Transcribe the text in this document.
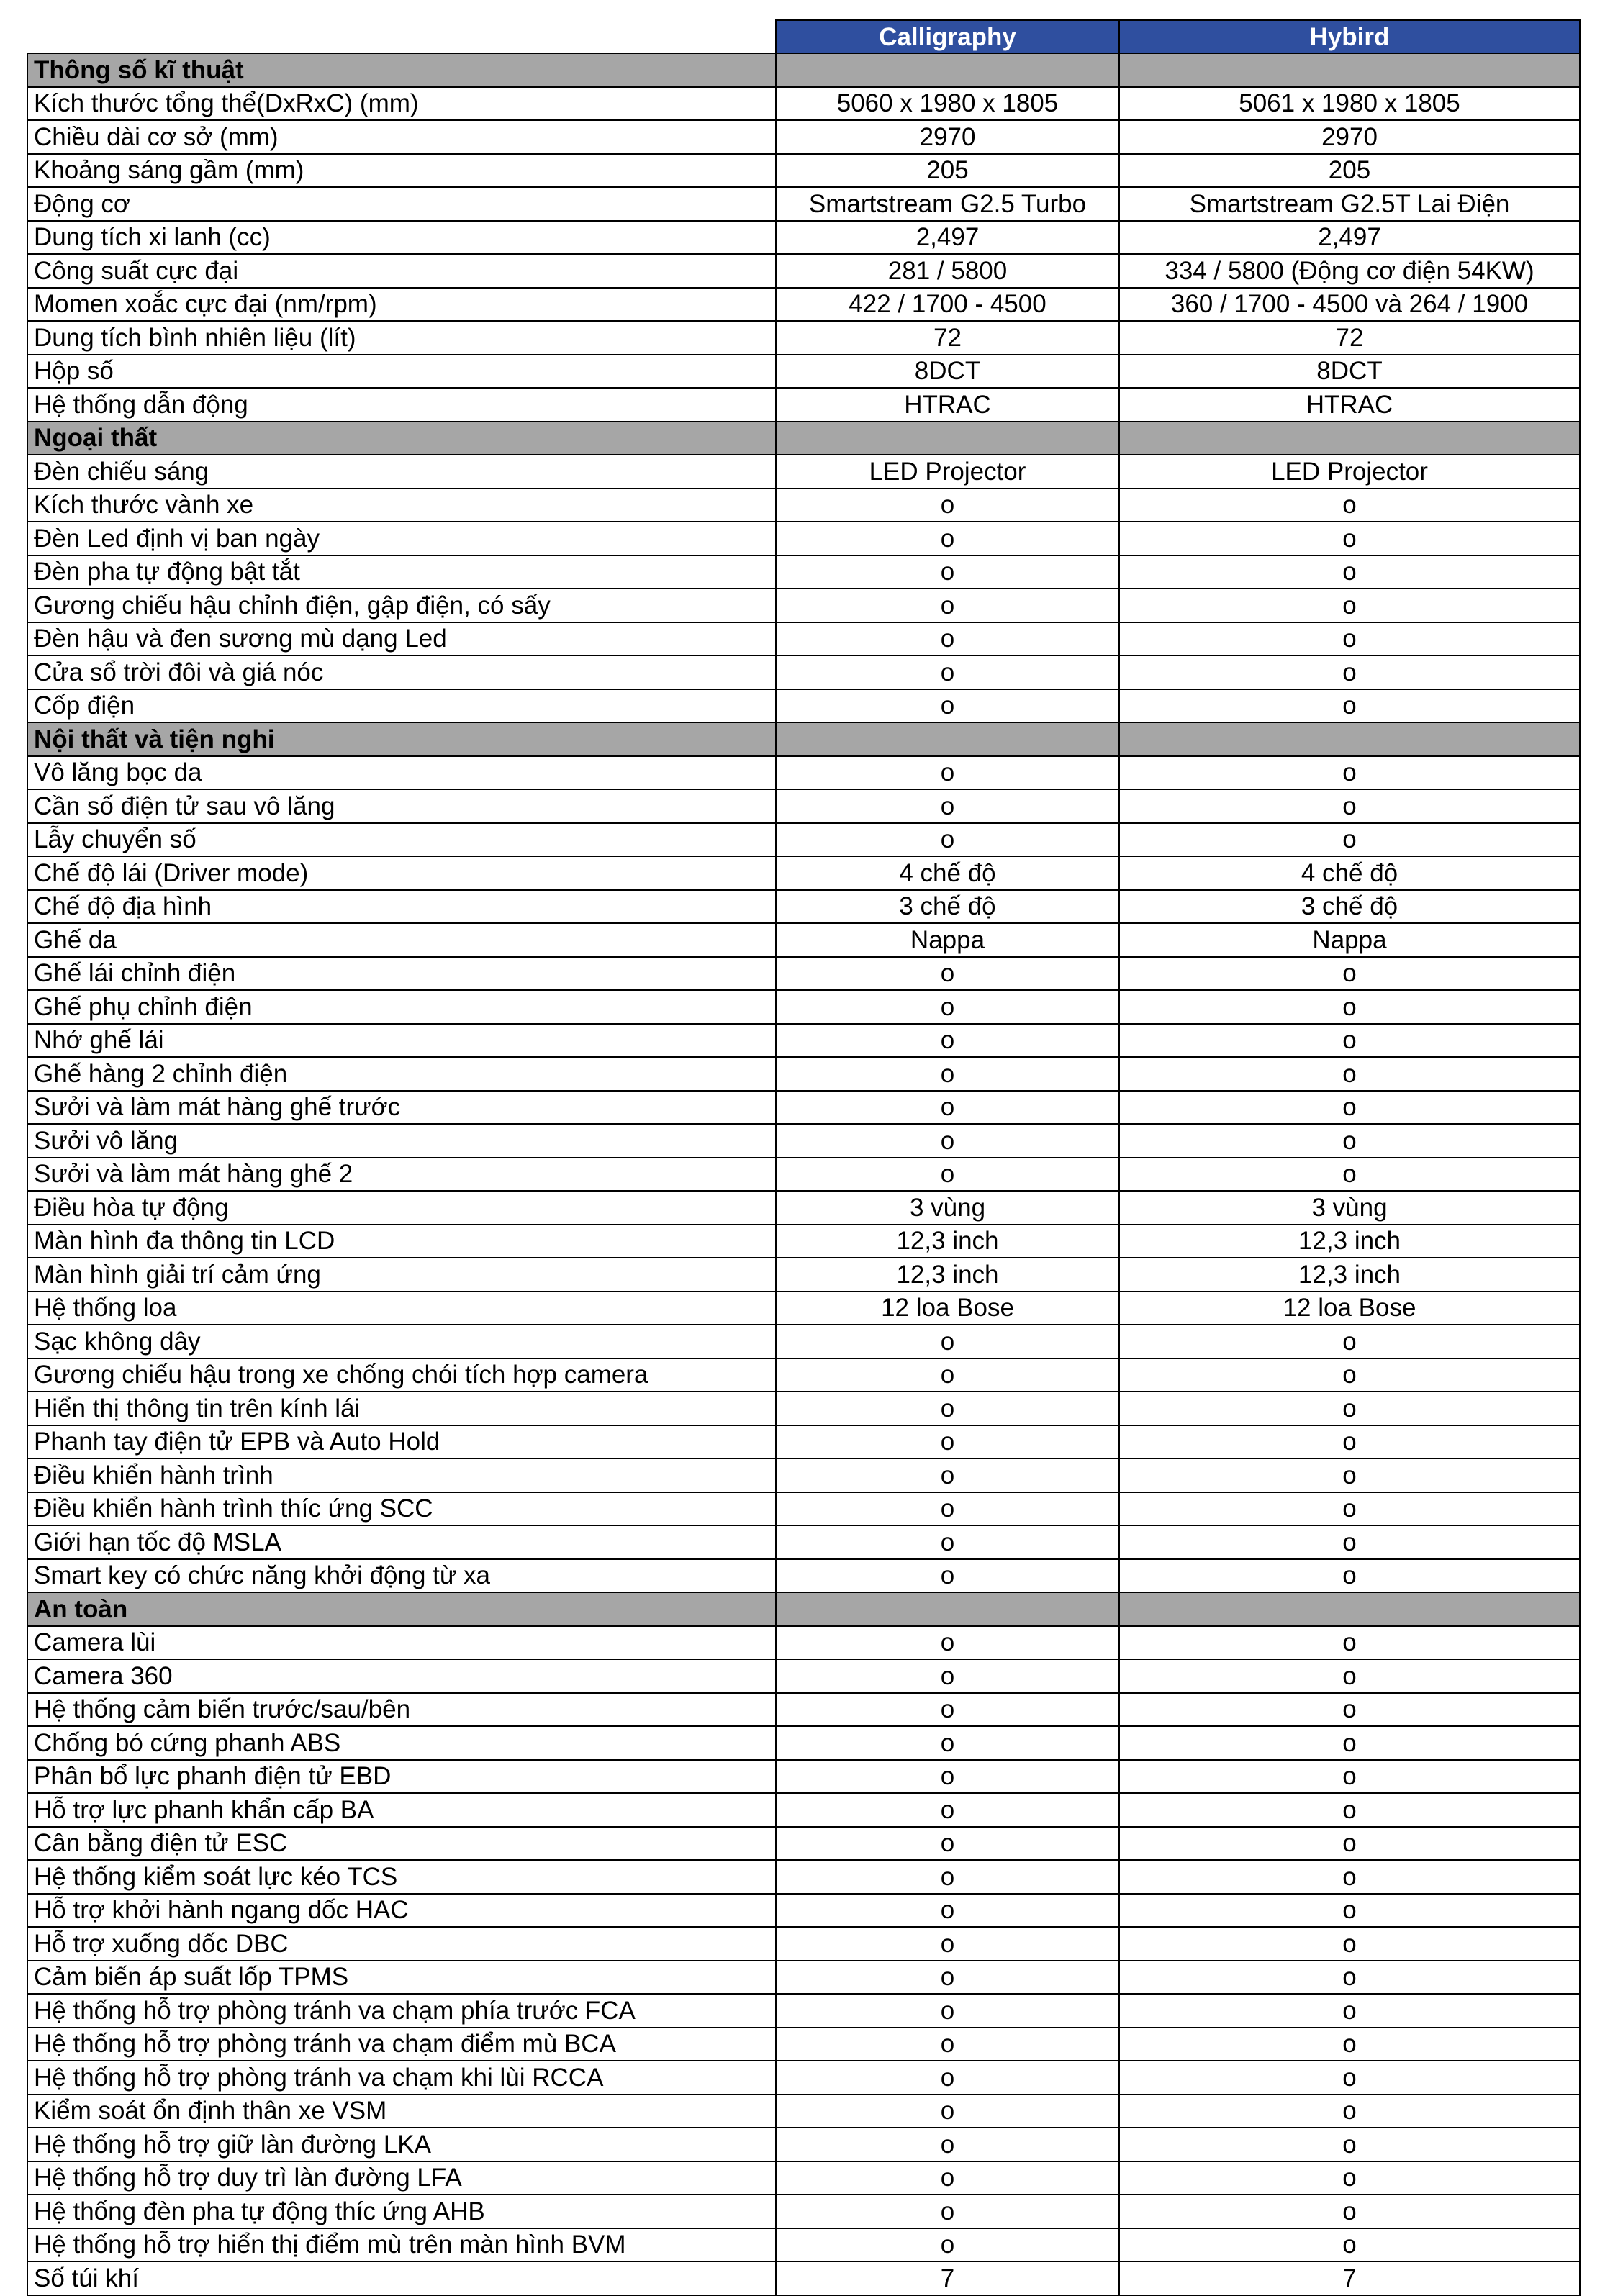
	Calligraphy	Hybird
Thông số kĩ thuật		
Kích thước tổng thể(DxRxC) (mm)	5060 x 1980 x 1805	5061 x 1980 x 1805
Chiều dài cơ sở (mm)	2970	2970
Khoảng sáng gầm (mm)	205	205
Động cơ	Smartstream G2.5 Turbo	Smartstream G2.5T Lai Điện
Dung tích xi lanh (cc)	2,497	2,497
Công suất cực đại	281 / 5800	334 / 5800 (Động cơ điện 54KW)
Momen xoắc cực đại (nm/rpm)	422 / 1700 - 4500	360 / 1700 - 4500 và 264 / 1900
Dung tích bình nhiên liệu (lít)	72	72
Hộp số	8DCT	8DCT
Hệ thống dẫn động	HTRAC	HTRAC
Ngoại thất		
Đèn chiếu sáng	LED Projector	LED Projector
Kích thước vành xe	o	o
Đèn Led định vị ban ngày	o	o
Đèn pha tự động bật tắt	o	o
Gương chiếu hậu chỉnh điện, gập điện, có sấy	o	o
Đèn hậu và đen sương mù dạng Led	o	o
Cửa sổ trời đôi và giá nóc	o	o
Cốp điện	o	o
Nội thất và tiện nghi		
Vô lăng bọc da	o	o
Cần số điện tử sau vô lăng	o	o
Lẫy chuyển số	o	o
Chế độ lái (Driver mode)	4 chế độ	4 chế độ
Chế độ địa hình	3 chế độ	3 chế độ
Ghế da	Nappa	Nappa
Ghế lái chỉnh điện	o	o
Ghế phụ chỉnh điện	o	o
Nhớ ghế lái	o	o
Ghế hàng 2 chỉnh điện	o	o
Sưởi và làm mát hàng ghế trước	o	o
Sưởi vô lăng	o	o
Sưởi và làm mát hàng ghế 2	o	o
Điều hòa tự động	3 vùng	3 vùng
Màn hình đa thông tin LCD	12,3 inch	12,3 inch
Màn hình giải trí cảm ứng	12,3 inch	12,3 inch
Hệ thống loa	12 loa Bose	12 loa Bose
Sạc không dây	o	o
Gương chiếu hậu trong xe chống chói tích hợp camera	o	o
Hiển thị thông tin trên kính lái	o	o
Phanh tay điện tử EPB và Auto Hold	o	o
Điều khiển hành trình	o	o
Điều khiển hành trình thíc ứng SCC	o	o
Giới hạn tốc độ MSLA	o	o
Smart key có chức năng khởi động từ xa	o	o
An toàn		
Camera lùi	o	o
Camera 360	o	o
Hệ thống cảm biến trước/sau/bên	o	o
Chống bó cứng phanh ABS	o	o
Phân bổ lực phanh điện tử EBD	o	o
Hỗ trợ lực phanh khẩn cấp BA	o	o
Cân bằng điện tử ESC	o	o
Hệ thống kiểm soát lực kéo TCS	o	o
Hỗ trợ khởi hành ngang dốc HAC	o	o
Hỗ trợ xuống dốc DBC	o	o
Cảm biến áp suất lốp TPMS	o	o
Hệ thống hỗ trợ phòng tránh va chạm phía trước FCA	o	o
Hệ thống hỗ trợ phòng tránh va chạm điểm mù BCA	o	o
Hệ thống hỗ trợ phòng tránh va chạm khi lùi RCCA	o	o
Kiểm soát ổn định thân xe VSM	o	o
Hệ thống hỗ trợ giữ làn đường LKA	o	o
Hệ thống hỗ trợ duy trì làn đường LFA	o	o
Hệ thống đèn pha tự động thíc ứng AHB	o	o
Hệ thống hỗ trợ hiển thị điểm mù trên màn hình BVM	o	o
Số túi khí	7	7
